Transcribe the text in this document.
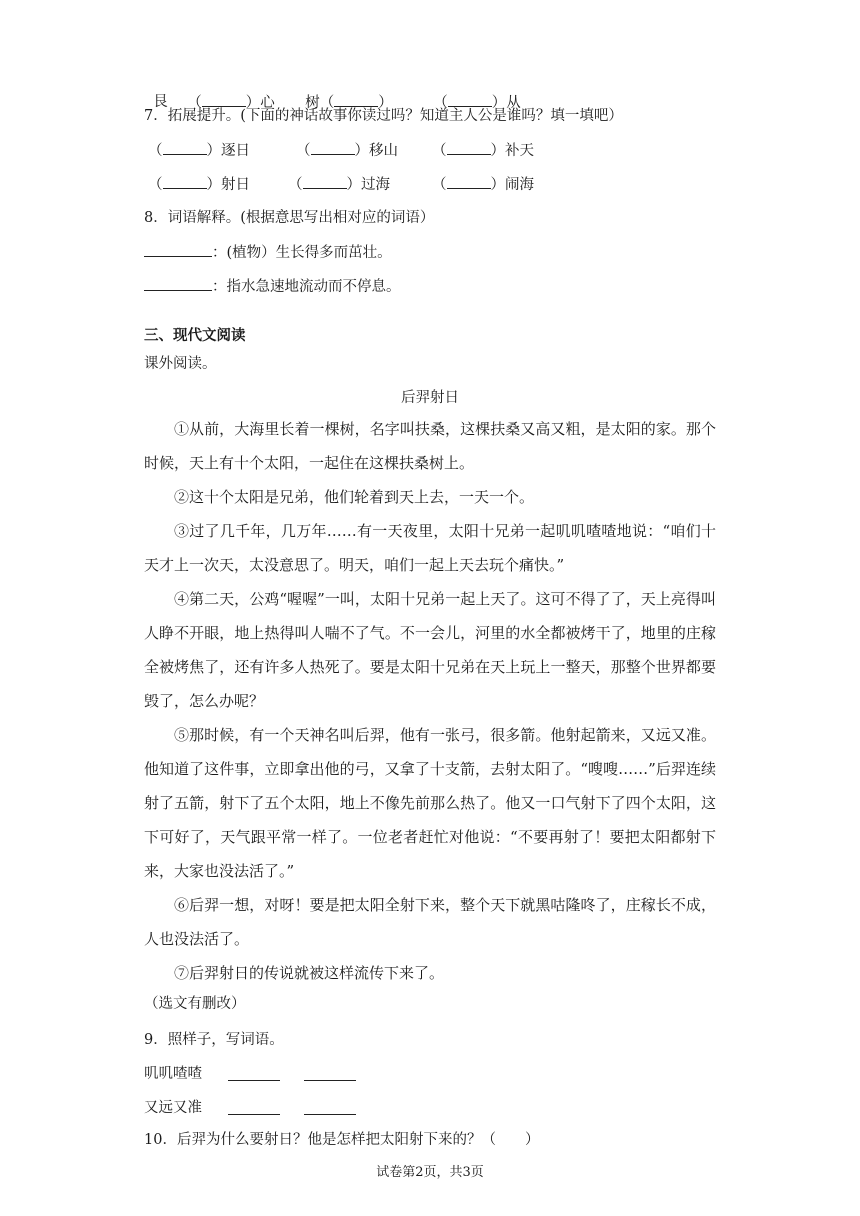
艮	（	）心	树（	）	（	）从

7．拓展提升。(下面的神话故事你读过吗？知道主人公是谁吗？填一填吧）
（	）逐日	（	）移山 （	）补天
（	）射日	（	）过海	（	）闹海
8．词语解释。(根据意思写出相对应的词语）
：(植物）生长得多而茁壮。
：指水急速地流动而不停息。
三、现代文阅读
课外阅读。
后羿射日

①从前，大海里长着一棵树，名字叫扶桑，这棵扶桑又高又粗，是太阳的家。那个时候，天上有十个太阳，一起住在这棵扶桑树上。

②这十个太阳是兄弟，他们轮着到天上去，一天一个。

③过了几千年，几万年……有一天夜里，太阳十兄弟一起叽叽喳喳地说：“咱们十天才上一次天，太没意思了。明天，咱们一起上天去玩个痛快。”

④第二天，公鸡“喔喔”一叫，太阳十兄弟一起上天了。这可不得了了，天上亮得叫人睁不开眼，地上热得叫人喘不了气。不一会儿，河里的水全都被烤干了，地里的庄稼全被烤焦了，还有许多人热死了。要是太阳十兄弟在天上玩上一整天，那整个世界都要毁了，怎么办呢？

⑤那时候，有一个天神名叫后羿，他有一张弓，很多箭。他射起箭来，又远又准。他知道了这件事，立即拿出他的弓，又拿了十支箭，去射太阳了。“嗖嗖……”后羿连续射了五箭，射下了五个太阳，地上不像先前那么热了。他又一口气射下了四个太阳，这下可好了，天气跟平常一样了。一位老者赶忙对他说：“不要再射了！要把太阳都射下来，大家也没法活了。”

⑥后羿一想，对呀！要是把太阳全射下来，整个天下就黑咕隆咚了，庄稼长不成，人也没法活了。

⑦后羿射日的传说就被这样流传下来了。

（选文有删改）
9．照样子，写词语。
叽叽喳喳
又远又准
10．后羿为什么要射日？他是怎样把太阳射下来的？（　　）
试卷第2页，共3页
